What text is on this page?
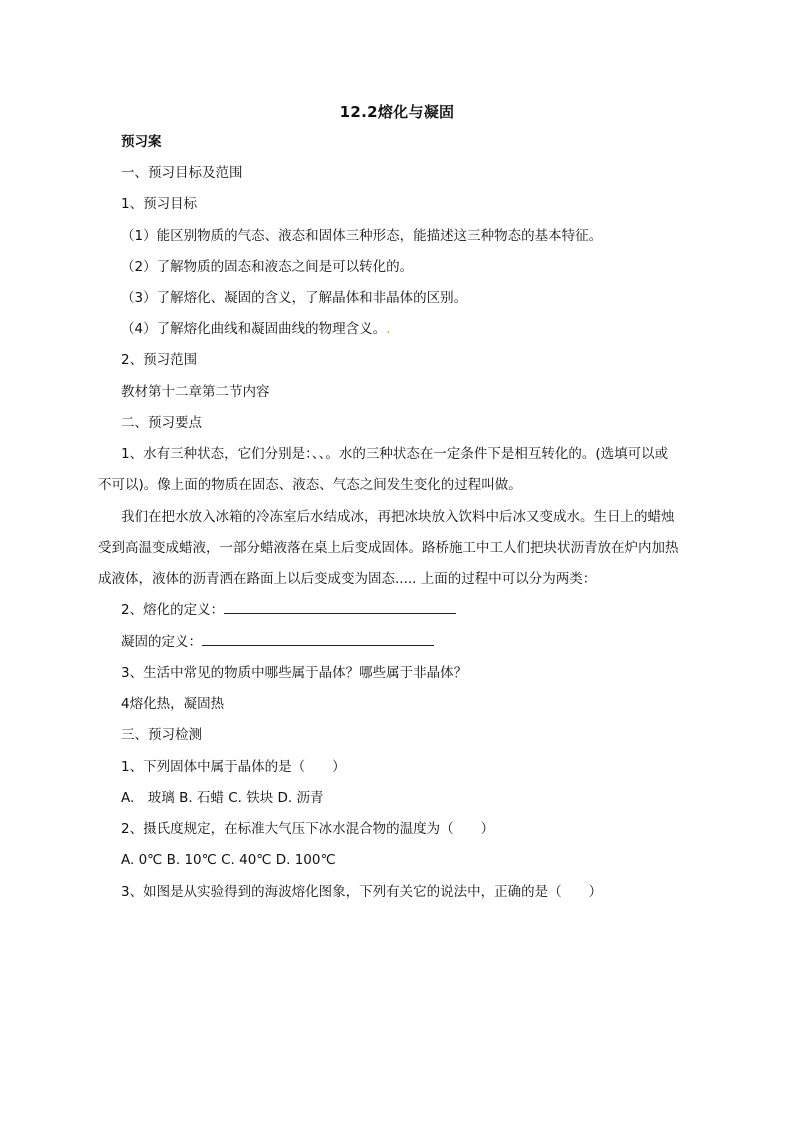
12.2熔化与凝固
预习案
一、预习目标及范围
1、预习目标
（1）能区别物质的气态、液态和固体三种形态，能描述这三种物态的基本特征。
（2）了解物质的固态和液态之间是可以转化的。
（3）了解熔化、凝固的含义，了解晶体和非晶体的区别。
（4）了解熔化曲线和凝固曲线的物理含义。.
2、预习范围
教材第十二章第二节内容
二、预习要点
1、水有三种状态，它们分别是：、、。水的三种状态在一定条件下是相互转化的。(选填可以或
不可以)。像上面的物质在固态、液态、气态之间发生变化的过程叫做。
我们在把水放入冰箱的冷冻室后水结成冰，再把冰块放入饮料中后冰又变成水。生日上的蜡烛
受到高温变成蜡液，一部分蜡液落在桌上后变成固体。路桥施工中工人们把块状沥青放在炉内加热
成液体，液体的沥青洒在路面上以后变成变为固态..... 上面的过程中可以分为两类：
2、熔化的定义：
凝固的定义：
3、生活中常见的物质中哪些属于晶体？哪些属于非晶体？
4熔化热，凝固热
三、预习检测
1、下列固体中属于晶体的是（　　）
A.　玻璃 B. 石蜡 C. 铁块 D. 沥青
2、摄氏度规定，在标准大气压下冰水混合物的温度为（　　）
A. 0℃ B. 10℃ C. 40℃ D. 100℃
3、如图是从实验得到的海波熔化图象，下列有关它的说法中，正确的是（　　）
